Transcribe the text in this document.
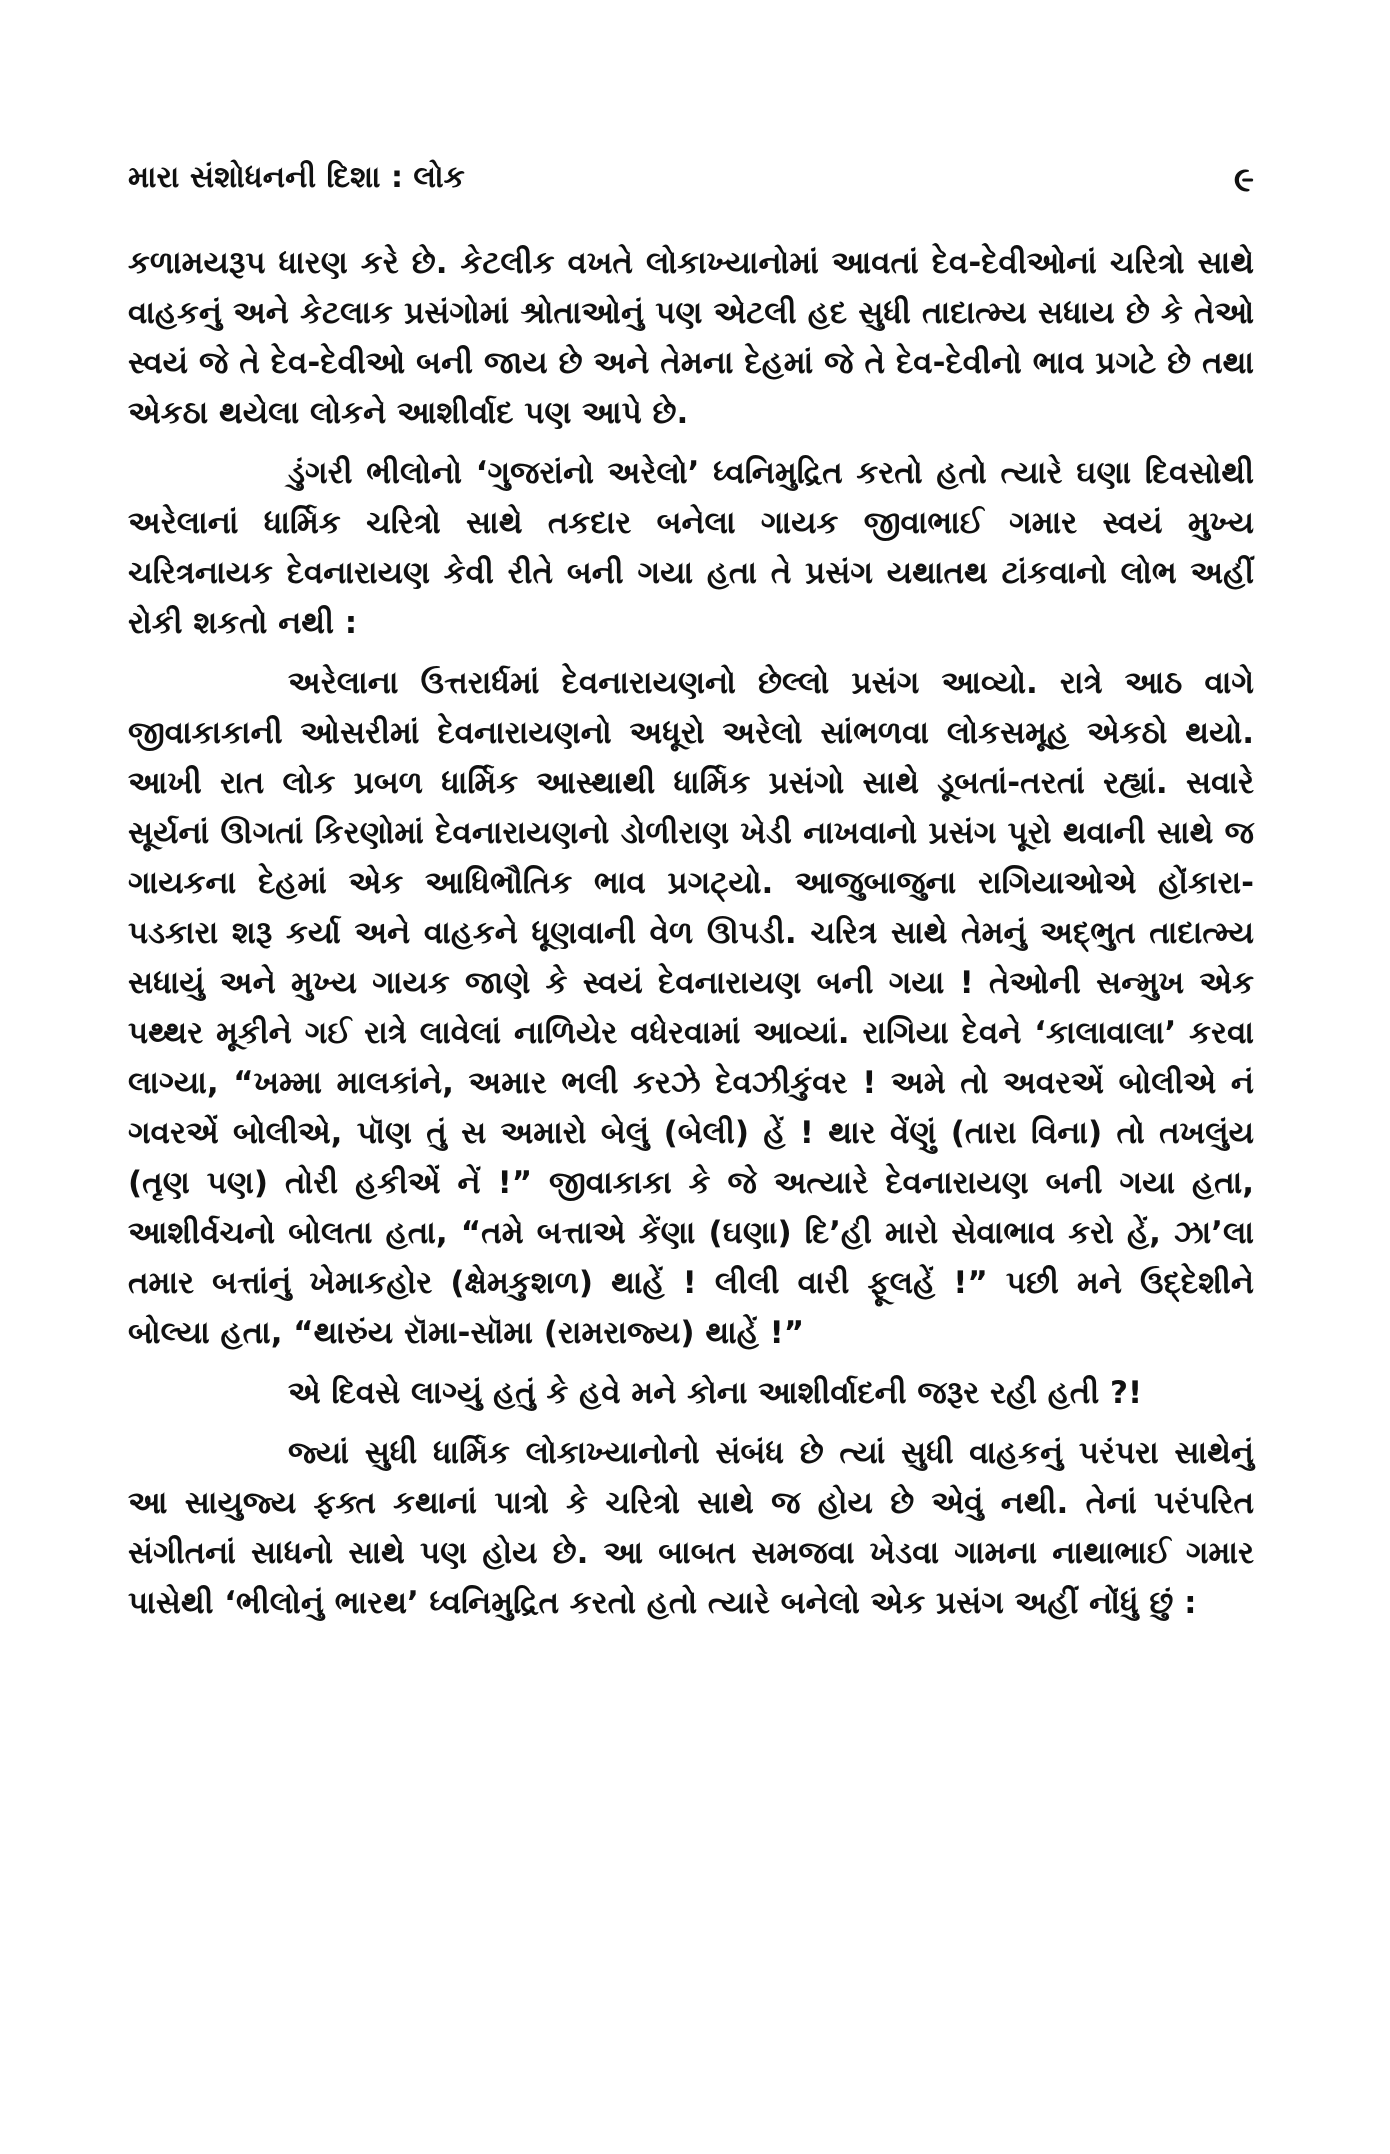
મારા સંશોધનની દિશા : લોક	૯

કળામયરૂપ ધારણ કરે છે. કેટલીક વખતે લોકાખ્યાનોમાં આવતાં દેવ-દેવીઓનાં ચરિત્રો સાથે વાહકનું અને કેટલાક પ્રસંગોમાં શ્રોતાઓનું પણ એટલી હદ સુધી તાદાત્મ્ય સધાય છે કે તેઓ સ્વયં જે તે દેવ-દેવીઓ બની જાય છે અને તેમના દેહમાં જે તે દેવ-દેવીનો ભાવ પ્રગટે છે તથા એકઠા થયેલા લોકને આશીર્વાદ પણ આપે છે.

ડુંગરી ભીલોનો ‘ગુજરાંનો અરેલો’ ધ્વનિમુદ્રિત કરતો હતો ત્યારે ઘણા દિવસોથી અરેલાનાં ધાર્મિક ચરિત્રો સાથે તકદાર બનેલા ગાયક જીવાભાઈ ગમાર સ્વયં મુખ્ય ચરિત્રનાયક દેવનારાયણ કેવી રીતે બની ગયા હતા તે પ્રસંગ યથાતથ ટાંકવાનો લોભ અહીં રોકી શકતો નથી :

અરેલાના ઉત્તરાર્ધમાં દેવનારાયણનો છેલ્લો પ્રસંગ આવ્યો. રાત્રે આઠ વાગે જીવાકાકાની ઓસરીમાં દેવનારાયણનો અધૂરો અરેલો સાંભળવા લોકસમૂહ એકઠો થયો. આખી રાત લોક પ્રબળ ધાર્મિક આસ્થાથી ધાર્મિક પ્રસંગો સાથે ડૂબતાં-તરતાં રહ્યાં. સવારે સૂર્યનાં ઊગતાં કિરણોમાં દેવનારાયણનો ડોળીરાણ ખેડી નાખવાનો પ્રસંગ પૂરો થવાની સાથે જ ગાયકના દેહમાં એક આધિભૌતિક ભાવ પ્રગટ્યો. આજુબાજુના રાગિયાઓએ હોંકારા-પડકારા શરૂ કર્યા અને વાહકને ધૂણવાની વેળ ઊપડી. ચરિત્ર સાથે તેમનું અદ્ભુત તાદાત્મ્ય સધાયું અને મુખ્ય ગાયક જાણે કે સ્વયં દેવનારાયણ બની ગયા ! તેઓની સન્મુખ એક પથ્થર મૂકીને ગઈ રાત્રે લાવેલાં નાળિયેર વધેરવામાં આવ્યાં. રાગિયા દેવને ‘કાલાવાલા’ કરવા લાગ્યા, “ખમ્મા માલકાંને, અમાર ભલી કરઝે દેવઝીકુંવર ! અમે તો અવરએં બોલીએ નં ગવરએં બોલીએ, પૉણ તું સ અમારો બેલું (બેલી) હેં ! થાર વેંણું (તારા વિના) તો તખલુંય (તૃણ પણ) તોરી હકીએં નેં !” જીવાકાકા કે જે અત્યારે દેવનારાયણ બની ગયા હતા, આશીર્વચનો બોલતા હતા, “તમે બત્તાએ કેંણા (ઘણા) દિ’હી મારો સેવાભાવ કરો હેં, ઝા’લા તમાર બત્તાંનું ખેમાકહોર (ક્ષેમકુશળ) થાહેં ! લીલી વારી ફૂલહેં !” પછી મને ઉદ્દેશીને બોલ્યા હતા, “થારુંય રૉમા-સૉમા (રામરાજ્ય) થાહેં !”

એ દિવસે લાગ્યું હતું કે હવે મને કોના આશીર્વાદની જરૂર રહી હતી ?!

જ્યાં સુધી ધાર્મિક લોકાખ્યાનોનો સંબંધ છે ત્યાં સુધી વાહકનું પરંપરા સાથેનું આ સાયુજ્ય ફક્ત કથાનાં પાત્રો કે ચરિત્રો સાથે જ હોય છે એવું નથી. તેનાં પરંપરિત સંગીતનાં સાધનો સાથે પણ હોય છે. આ બાબત સમજવા ખેડવા ગામના નાથાભાઈ ગમાર પાસેથી ‘ભીલોનું ભારથ’ ધ્વનિમુદ્રિત કરતો હતો ત્યારે બનેલો એક પ્રસંગ અહીં નોંધું છું :
